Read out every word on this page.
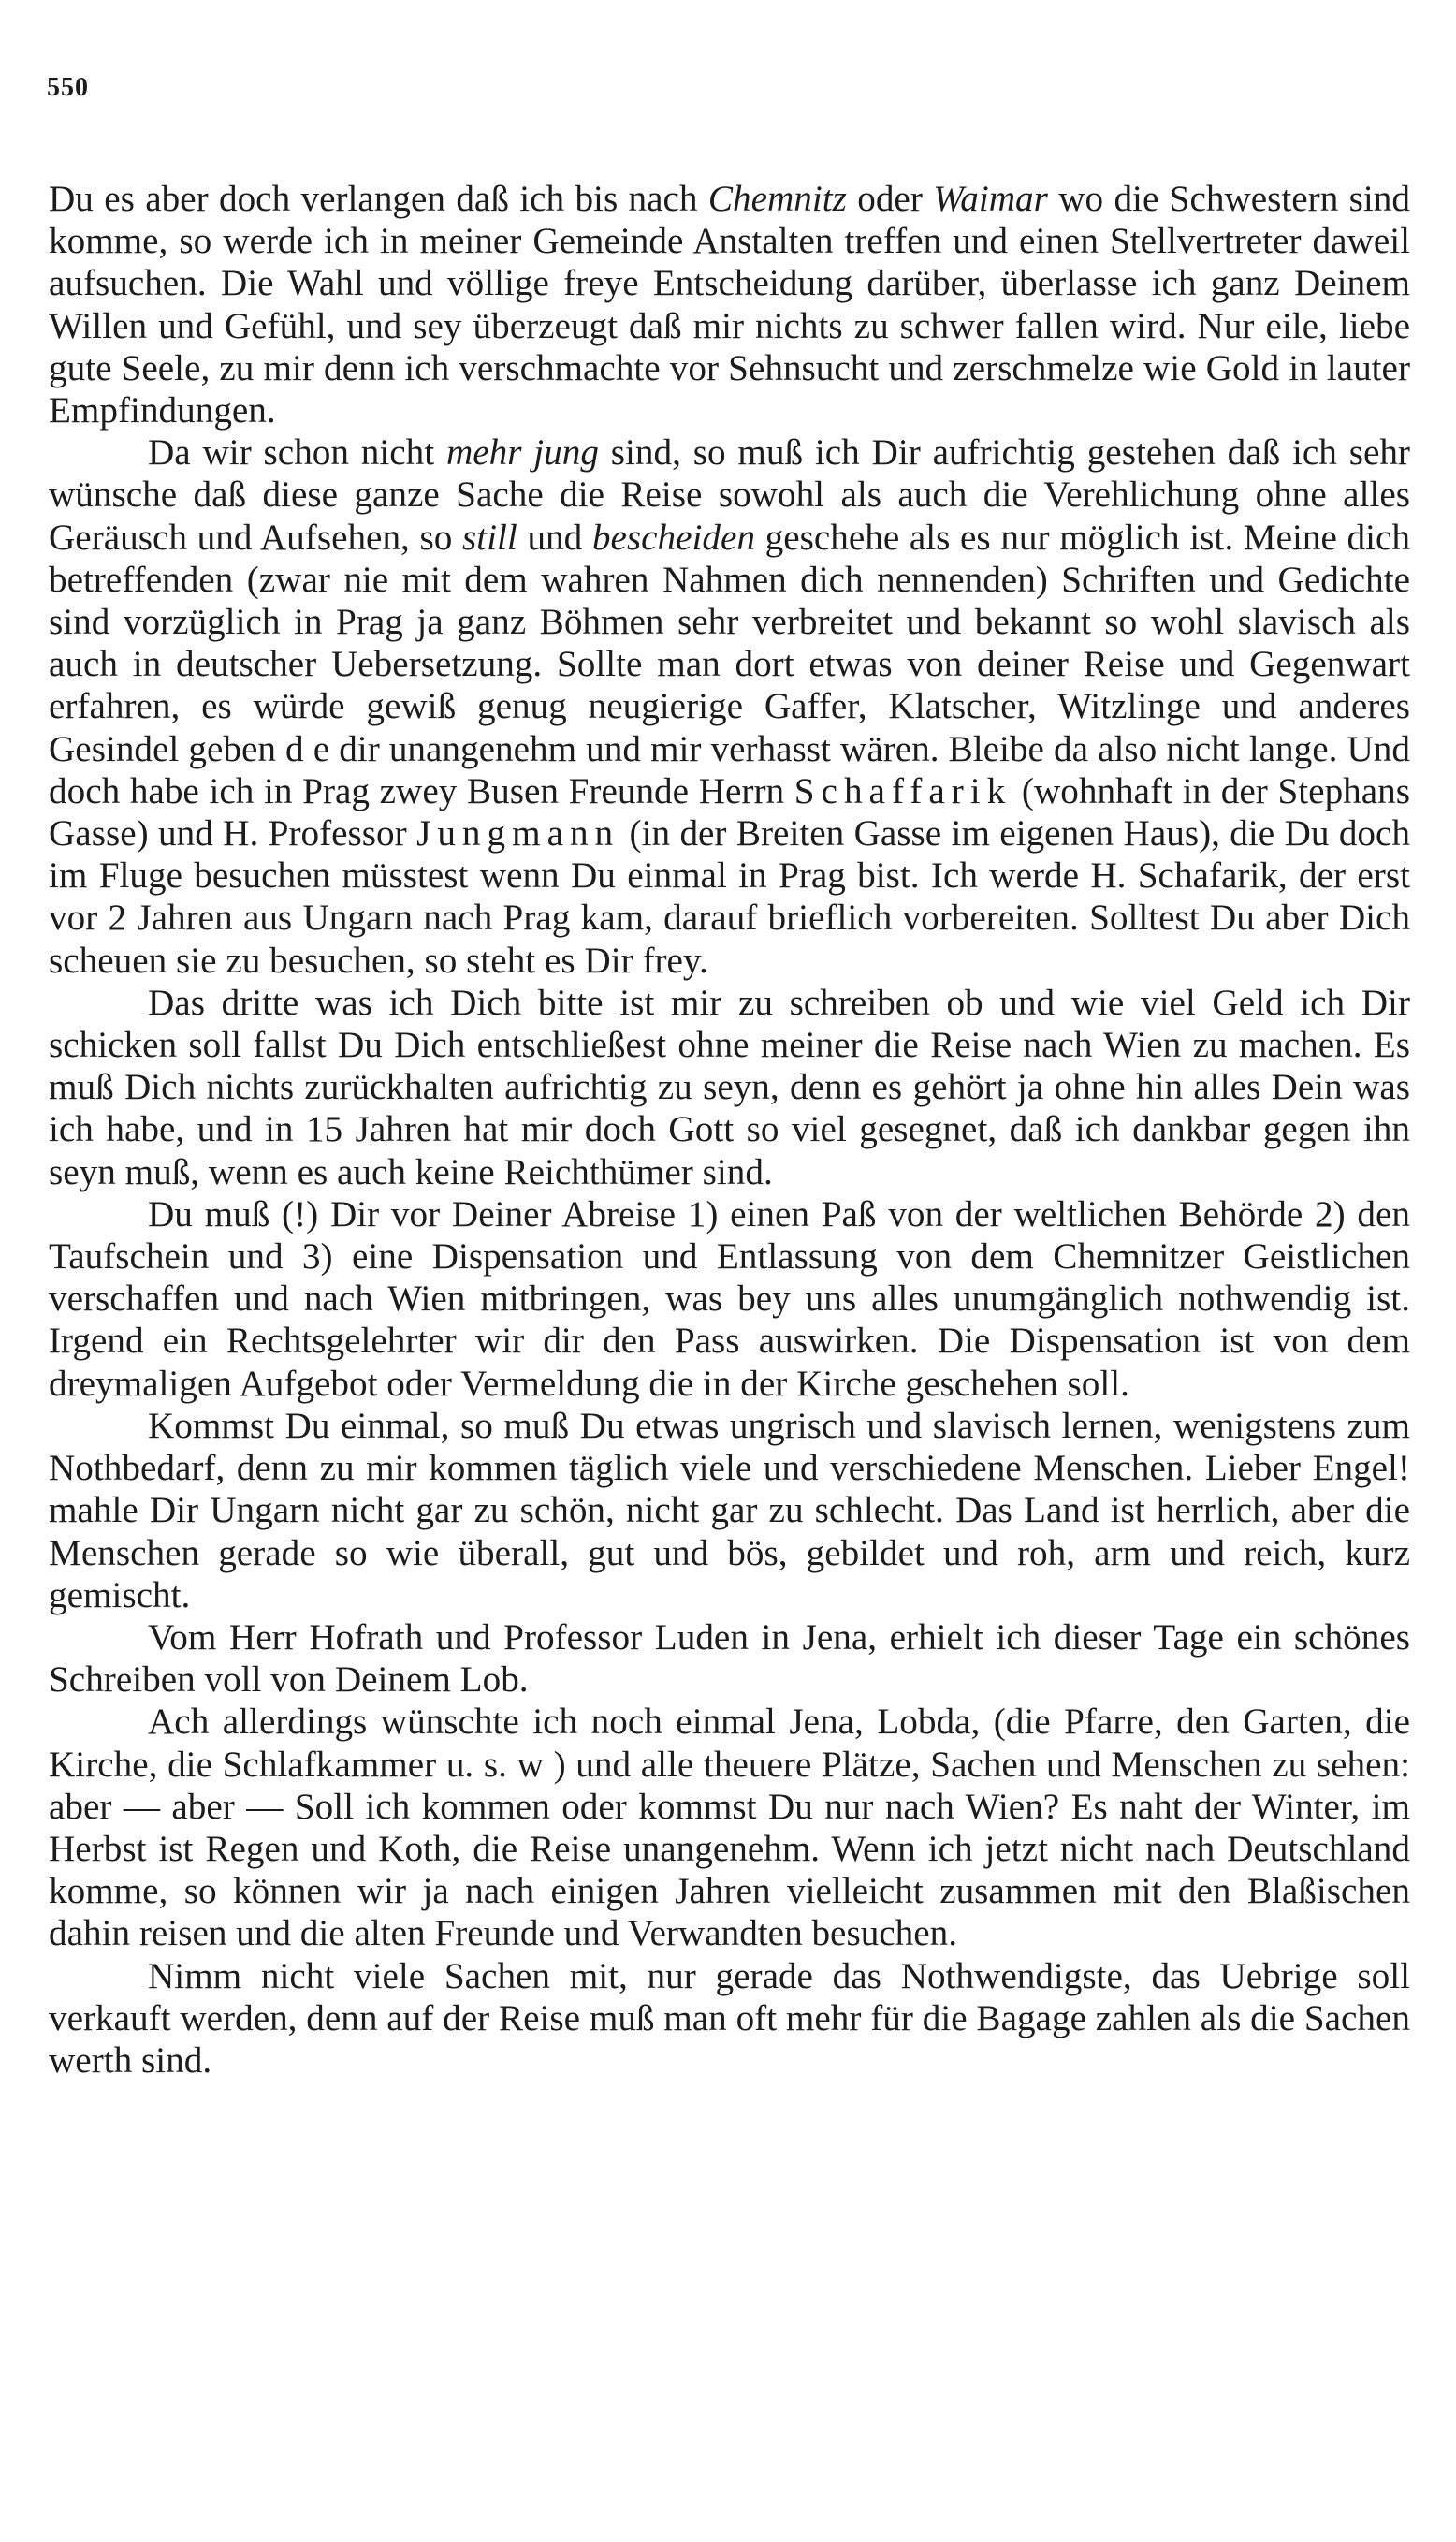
550

Du es aber doch verlangen daß ich bis nach Chemnitz oder Waimar wo die Schwestern sind komme, so werde ich in meiner Gemeinde Anstalten treffen und einen Stellvertreter daweil aufsuchen. Die Wahl und völlige freye Entscheidung darüber, überlasse ich ganz Deinem Willen und Gefühl, und sey überzeugt daß mir nichts zu schwer fallen wird. Nur eile, liebe gute Seele, zu mir denn ich verschmachte vor Sehnsucht und zerschmelze wie Gold in lauter Empfindungen.

Da wir schon nicht mehr jung sind, so muß ich Dir aufrichtig gestehen daß ich sehr wünsche daß diese ganze Sache die Reise sowohl als auch die Verehlichung ohne alles Geräusch und Aufsehen, so still und bescheiden geschehe als es nur möglich ist. Meine dich betreffenden (zwar nie mit dem wahren Nahmen dich nennenden) Schriften und Gedichte sind vorzüglich in Prag ja ganz Böhmen sehr verbreitet und bekannt so wohl slavisch als auch in deutscher Uebersetzung. Sollte man dort etwas von deiner Reise und Gegenwart erfahren, es würde gewiß genug neugierige Gaffer, Klatscher, Witzlinge und anderes Gesindel geben d e dir unangenehm und mir verhasst wären. Bleibe da also nicht lange. Und doch habe ich in Prag zwey Busen Freunde Herrn Schaffarik (wohnhaft in der Stephans Gasse) und H. Professor Jungmann (in der Breiten Gasse im eigenen Haus), die Du doch im Fluge besuchen müsstest wenn Du einmal in Prag bist. Ich werde H. Schafarik, der erst vor 2 Jahren aus Ungarn nach Prag kam, darauf brieflich vorbereiten. Solltest Du aber Dich scheuen sie zu besuchen, so steht es Dir frey.

Das dritte was ich Dich bitte ist mir zu schreiben ob und wie viel Geld ich Dir schicken soll fallst Du Dich entschließest ohne meiner die Reise nach Wien zu machen. Es muß Dich nichts zurückhalten aufrichtig zu seyn, denn es gehört ja ohne hin alles Dein was ich habe, und in 15 Jahren hat mir doch Gott so viel gesegnet, daß ich dankbar gegen ihn seyn muß, wenn es auch keine Reichthümer sind.

Du muß (!) Dir vor Deiner Abreise 1) einen Paß von der weltlichen Behörde 2) den Taufschein und 3) eine Dispensation und Entlassung von dem Chemnitzer Geistlichen verschaffen und nach Wien mitbringen, was bey uns alles unumgänglich nothwendig ist. Irgend ein Rechtsgelehrter wir dir den Pass auswirken. Die Dispensation ist von dem dreymaligen Aufgebot oder Vermeldung die in der Kirche geschehen soll.

Kommst Du einmal, so muß Du etwas ungrisch und slavisch lernen, wenigstens zum Nothbedarf, denn zu mir kommen täglich viele und verschiedene Menschen. Lieber Engel! mahle Dir Ungarn nicht gar zu schön, nicht gar zu schlecht. Das Land ist herrlich, aber die Menschen gerade so wie überall, gut und bös, gebildet und roh, arm und reich, kurz gemischt.

Vom Herr Hofrath und Professor Luden in Jena, erhielt ich dieser Tage ein schönes Schreiben voll von Deinem Lob.

Ach allerdings wünschte ich noch einmal Jena, Lobda, (die Pfarre, den Garten, die Kirche, die Schlafkammer u. s. w ) und alle theuere Plätze, Sachen und Menschen zu sehen: aber — aber — Soll ich kommen oder kommst Du nur nach Wien? Es naht der Winter, im Herbst ist Regen und Koth, die Reise unangenehm. Wenn ich jetzt nicht nach Deutschland komme, so können wir ja nach einigen Jahren vielleicht zusammen mit den Blaßischen dahin reisen und die alten Freunde und Verwandten besuchen.

Nimm nicht viele Sachen mit, nur gerade das Nothwendigste, das Uebrige soll verkauft werden, denn auf der Reise muß man oft mehr für die Bagage zahlen als die Sachen werth sind.
